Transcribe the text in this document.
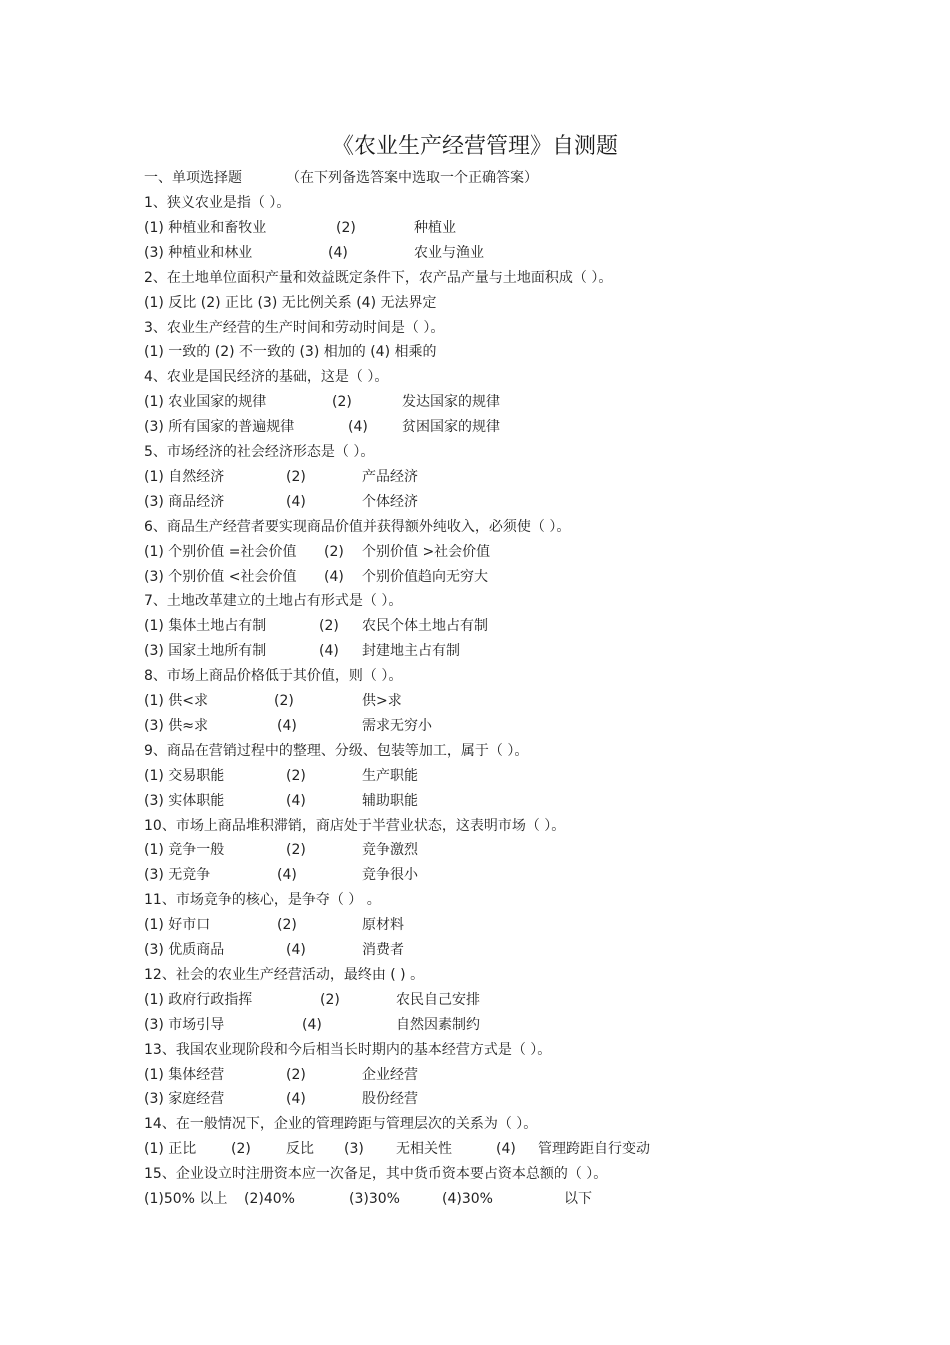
《农业生产经营管理》自测题
一、单项选择题	（在下列备选答案中选取一个正确答案）
1、狭义农业是指（ ）。
(1) 种植业和畜牧业	(2)	种植业
(3) 种植业和林业	(4)	农业与渔业
2、在土地单位面积产量和效益既定条件下，农产品产量与土地面积成（ ）。
(1) 反比 (2) 正比 (3) 无比例关系 (4) 无法界定
3、农业生产经营的生产时间和劳动时间是（ ）。
(1) 一致的 (2) 不一致的 (3) 相加的 (4) 相乘的
4、农业是国民经济的基础，这是（ ）。
(1) 农业国家的规律	(2)	发达国家的规律
(3) 所有国家的普遍规律	(4) 贫困国家的规律
5、市场经济的社会经济形态是（ ）。
(1) 自然经济	(2)	产品经济
(3) 商品经济	(4)	个体经济
6、商品生产经营者要实现商品价值并获得额外纯收入，必须使（ ）。
(1) 个别价值 =社会价值 (2) 个别价值 >社会价值
(3) 个别价值 <社会价值 (4) 个别价值趋向无穷大
7、土地改革建立的土地占有形式是（ ）。
(1) 集体土地占有制	(2) 农民个体土地占有制
(3) 国家土地所有制	(4) 封建地主占有制
8、市场上商品价格低于其价值，则（ ）。
(1) 供<求	(2)	供>求
(3) 供≈求	(4)	需求无穷小
9、商品在营销过程中的整理、分级、包装等加工，属于（ ）。
(1) 交易职能	(2)	生产职能
(3) 实体职能	(4)	辅助职能
10、市场上商品堆积滞销，商店处于半营业状态，这表明市场（ ）。
(1) 竞争一般	(2)	竞争激烈
(3) 无竞争	(4)	竞争很小
11、市场竞争的核心，是争夺（ ） 。
(1) 好市口	(2)	原材料
(3) 优质商品	(4)	消费者
12、社会的农业生产经营活动，最终由 ( ) 。
(1) 政府行政指挥	(2)	农民自己安排
(3) 市场引导	(4)	自然因素制约
13、我国农业现阶段和今后相当长时期内的基本经营方式是（ ）。
(1) 集体经营	(2)	企业经营
(3) 家庭经营	(4)	股份经营
14、在一般情况下，企业的管理跨距与管理层次的关系为（ ）。
(1) 正比 (2)	反比 (3) 无相关性	(4) 管理跨距自行变动
15、企业设立时注册资本应一次备足，其中货币资本要占资本总额的（ ）。
(1)50% 以上 (2)40%	(3)30%	(4)30%	以下
